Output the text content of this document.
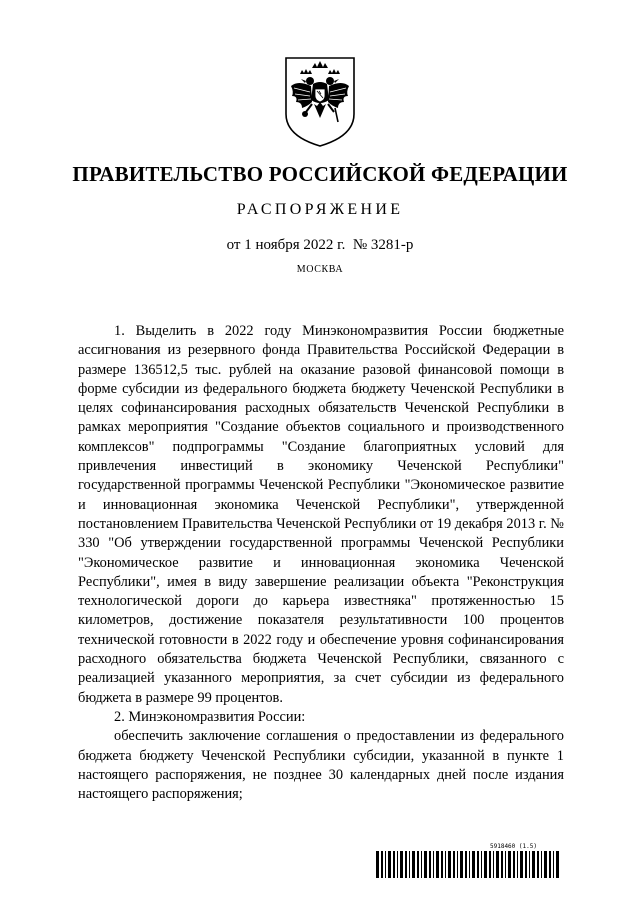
ПРАВИТЕЛЬСТВО РОССИЙСКОЙ ФЕДЕРАЦИИ
РАСПОРЯЖЕНИЕ
от 1 ноября 2022 г.  № 3281-р
МОСКВА

1. Выделить в 2022 году Минэкономразвития России бюджетные ассигнования из резервного фонда Правительства Российской Федерации в размере 136512,5 тыс. рублей на оказание разовой финансовой помощи в форме субсидии из федерального бюджета бюджету Чеченской Республики в целях софинансирования расходных обязательств Чеченской Республики в рамках мероприятия "Создание объектов социального и производственного комплексов" подпрограммы "Создание благоприятных условий для привлечения инвестиций в экономику Чеченской Республики" государственной программы Чеченской Республики "Экономическое развитие и инновационная экономика Чеченской Республики", утвержденной постановлением Правительства Чеченской Республики от 19 декабря 2013 г. № 330 "Об утверждении государственной программы Чеченской Республики "Экономическое развитие и инновационная экономика Чеченской Республики", имея в виду завершение реализации объекта "Реконструкция технологической дороги до карьера известняка" протяженностью 15 километров, достижение показателя результативности 100 процентов технической готовности в 2022 году и обеспечение уровня софинансирования расходного обязательства бюджета Чеченской Республики, связанного с реализацией указанного мероприятия, за счет субсидии из федерального бюджета в размере 99 процентов.

2. Минэкономразвития России:

обеспечить заключение соглашения о предоставлении из федерального бюджета бюджету Чеченской Республики субсидии, указанной в пункте 1 настоящего распоряжения, не позднее 30 календарных дней после издания настоящего распоряжения;

5918460 (1.5)
